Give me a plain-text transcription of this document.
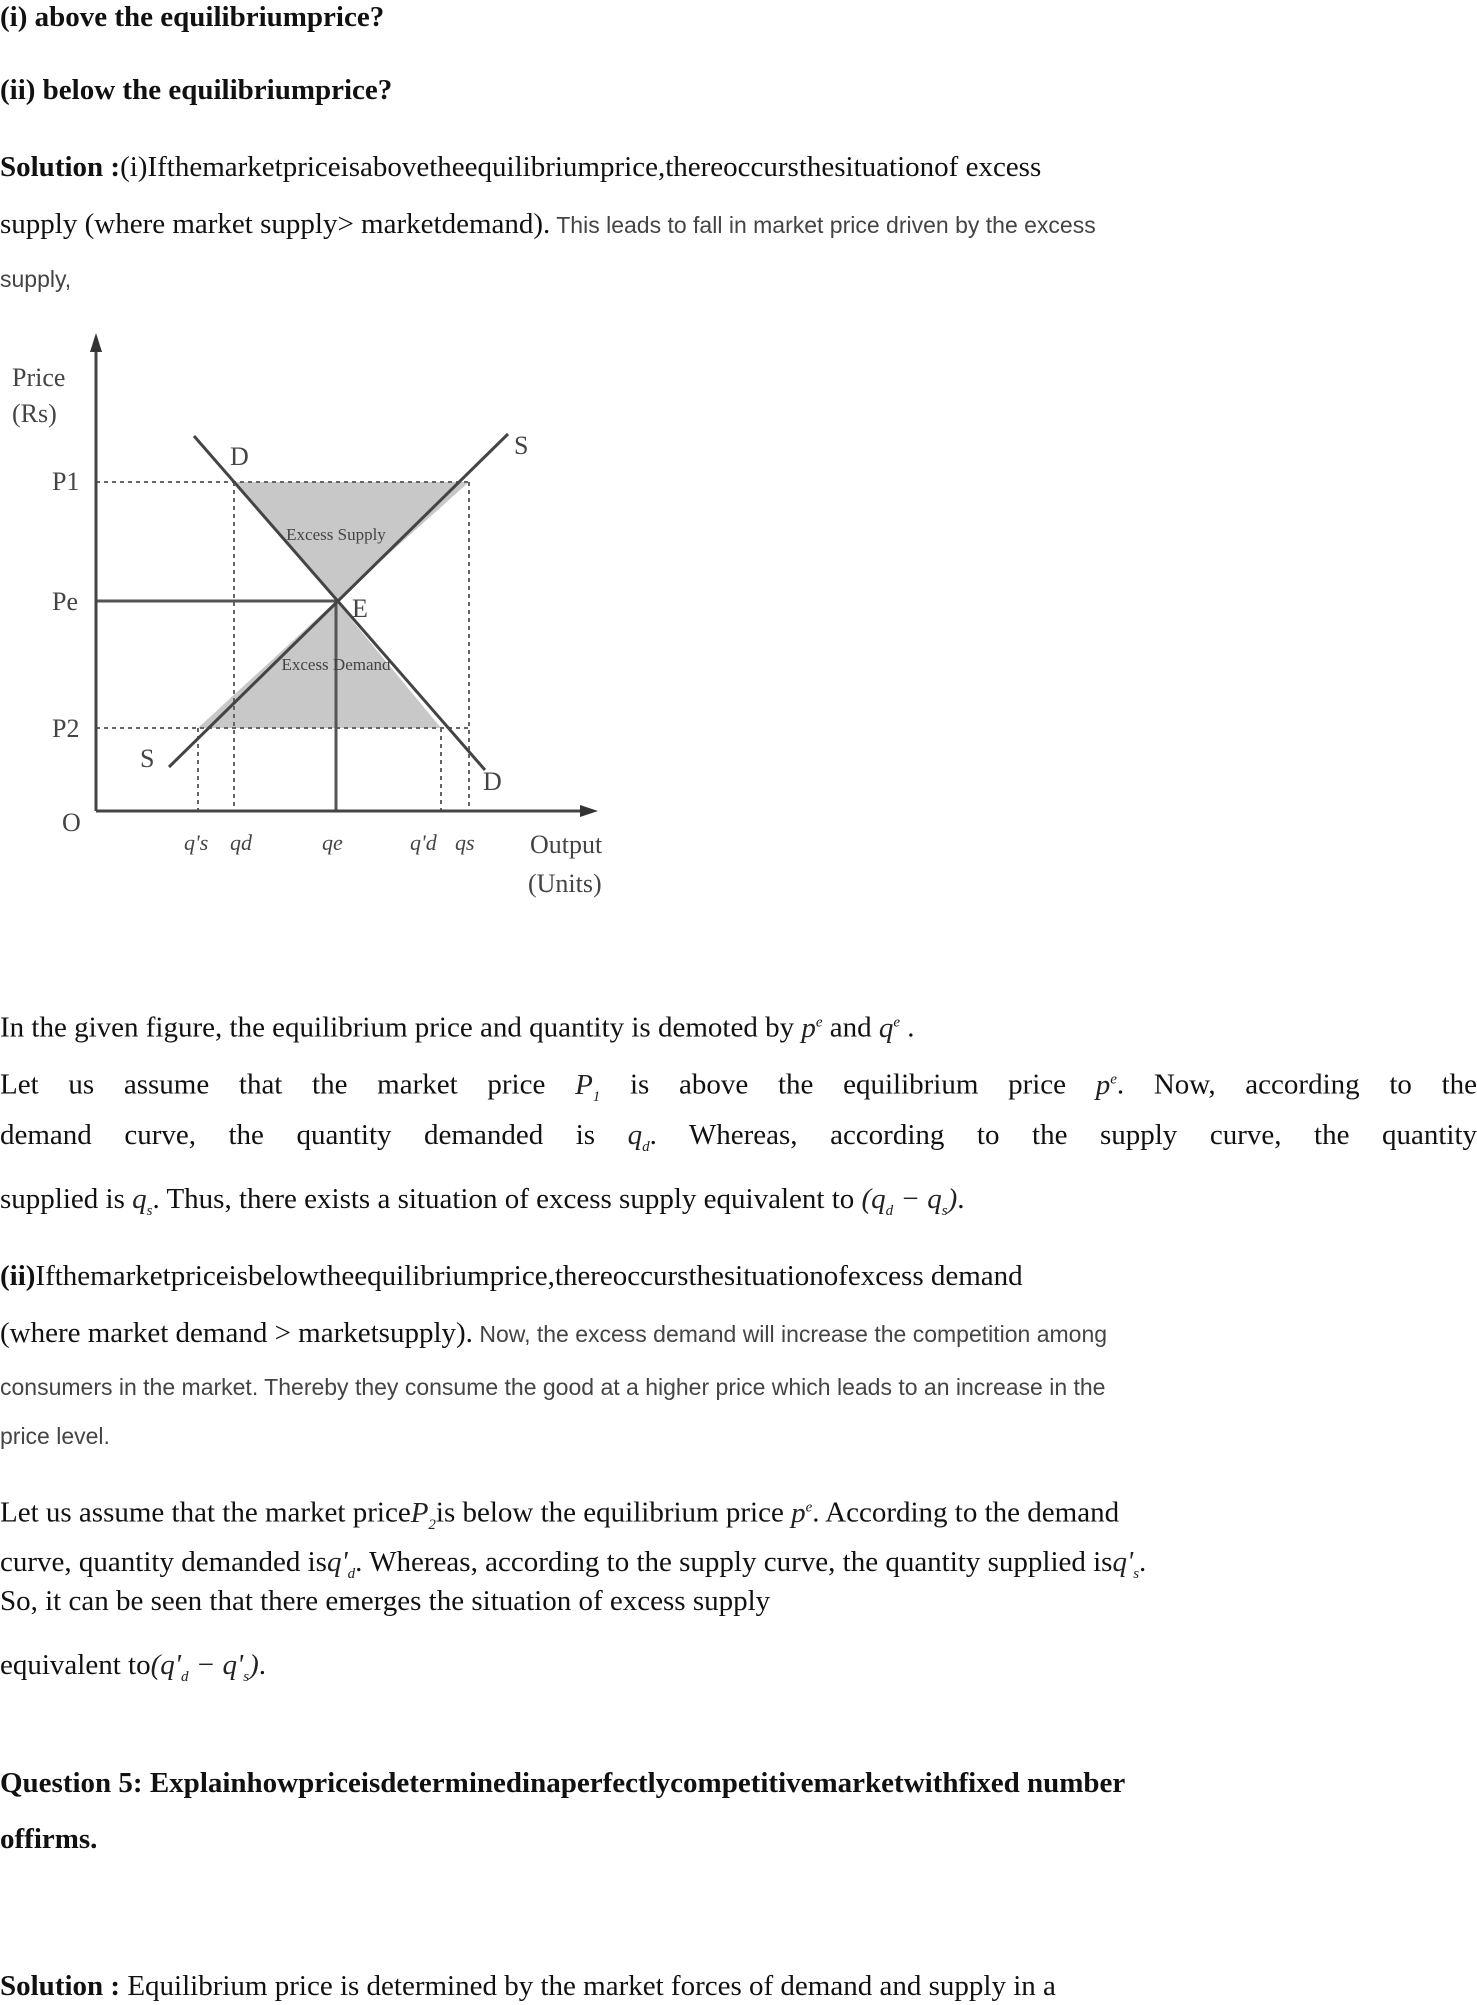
(i) above the equilibriumprice?
(ii) below the equilibriumprice?
Solution :(i)Ifthemarketpriceisabovetheequilibriumprice,thereoccursthesituationof excess
supply (where market supply> marketdemand). This leads to fall in market price driven by the excess
supply,
Price
(Rs)
Output
(Units)
O
P1
Pe
P2
q's qd	qe	q'd qs
D
D
S
S
E
Excess Supply
Excess Demand
In the given figure, the equilibrium price and quantity is demoted by $p^e$ and $q^e$ .
Let us assume that the market price $P_1$ is above the equilibrium price $p^e$. Now, according to the
demand curve, the quantity demanded is $q_d$. Whereas, according to the supply curve, the quantity
supplied is $q_s$. Thus, there exists a situation of excess supply equivalent to $(q_d - q_s)$.
(ii)Ifthemarketpriceisbelowtheequilibriumprice,thereoccursthesituationofexcess demand
(where market demand > marketsupply). Now, the excess demand will increase the competition among
consumers in the market. Thereby they consume the good at a higher price which leads to an increase in the
price level.
Let us assume that the market priceP$_2$is below the equilibrium price $p^e$. According to the demand
curve, quantity demanded $isq'_d$. Whereas, according to the supply curve, the quantity supplied $isq'_s$.
So, it can be seen that there emerges the situation of excess supply
equivalent $to(q'_d - q'_s)$.
Question 5: Explainhowpriceisdeterminedinaperfectlycompetitivemarketwithfixed number
offirms.
Solution : Equilibrium price is determined by the market forces of demand and supply in a
